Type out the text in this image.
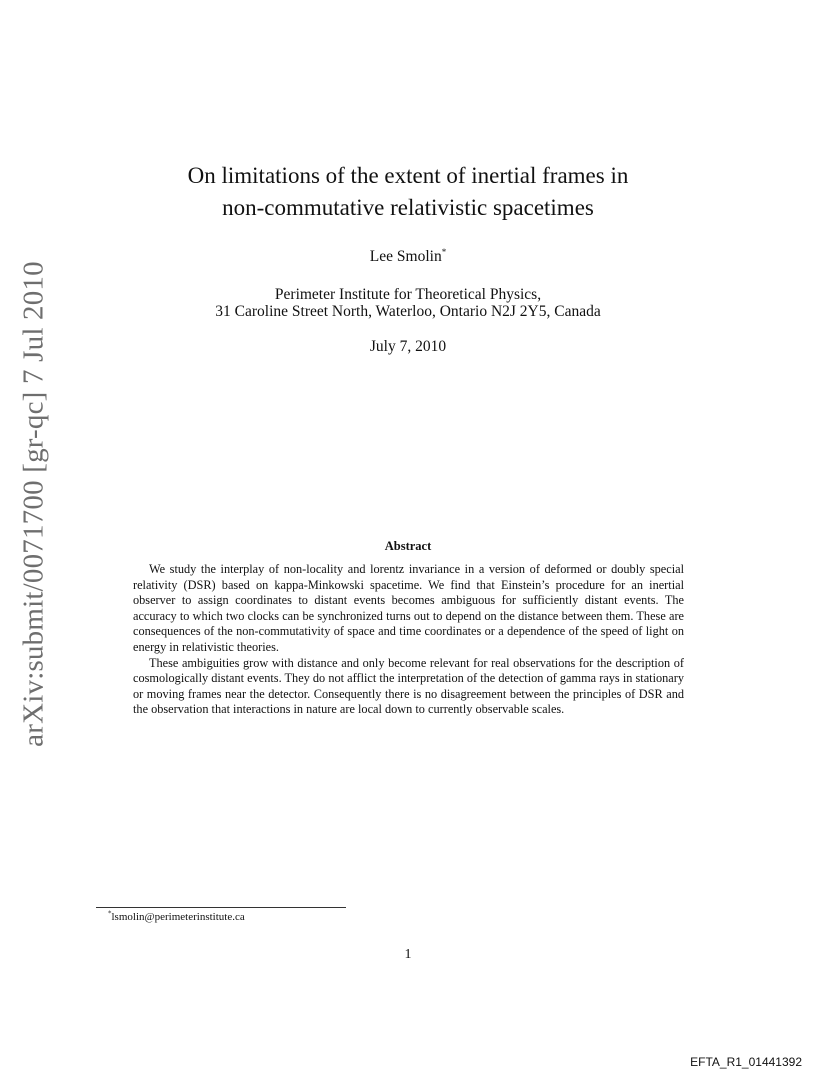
arXiv:submit/0071700 [gr-qc] 7 Jul 2010
On limitations of the extent of inertial frames in
non-commutative relativistic spacetimes
Lee Smolin*
Perimeter Institute for Theoretical Physics,
31 Caroline Street North, Waterloo, Ontario N2J 2Y5, Canada
July 7, 2010
Abstract

We study the interplay of non-locality and lorentz invariance in a version of deformed or doubly special relativity (DSR) based on kappa-Minkowski spacetime. We find that Einstein’s procedure for an inertial observer to assign coordinates to distant events becomes ambiguous for sufficiently distant events. The accuracy to which two clocks can be synchronized turns out to depend on the distance between them. These are consequences of the non-commutativity of space and time coordinates or a dependence of the speed of light on energy in relativistic theories.

These ambiguities grow with distance and only become relevant for real observations for the description of cosmologically distant events. They do not afflict the interpretation of the detection of gamma rays in stationary or moving frames near the detector. Consequently there is no disagreement between the principles of DSR and the observation that interactions in nature are local down to currently observable scales.

*lsmolin@perimeterinstitute.ca
1
EFTA_R1_01441392
